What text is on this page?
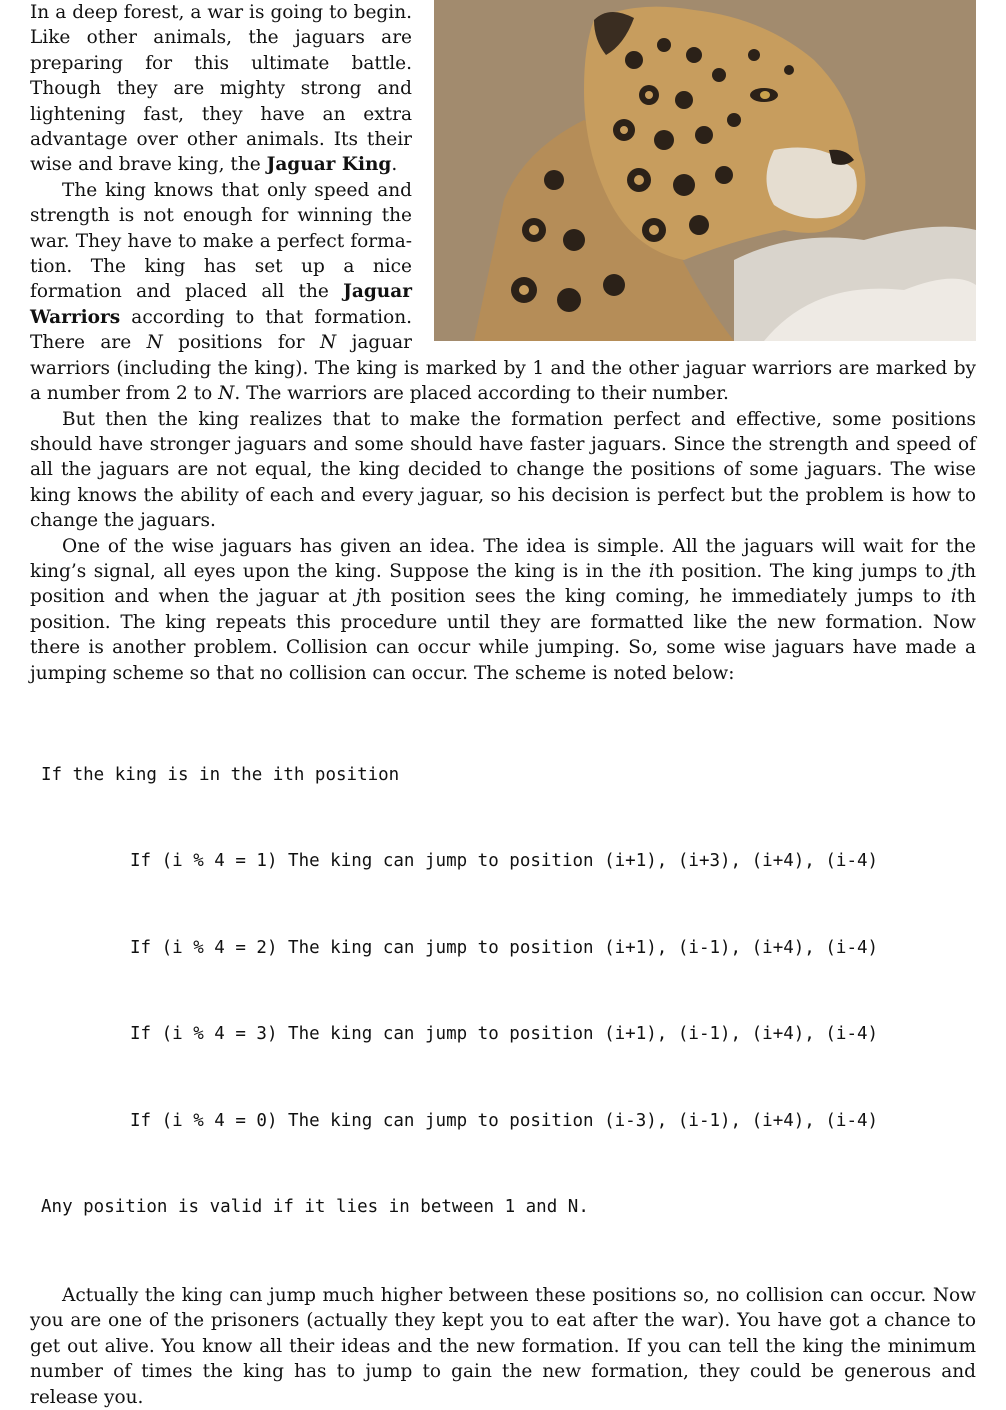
In a deep forest, a war is going to begin. Like other animals, the jaguars are preparing for this ultimate battle. Though they are mighty strong and lightening fast, they have an extra advantage over other animals. Its their wise and brave king, the Jaguar King.

The king knows that only speed and strength is not enough for winning the war. They have to make a perfect formation. The king has set up a nice formation and placed all the Jaguar Warriors according to that formation. There are N positions for N jaguar warriors (including the king). The king is marked by 1 and the other jaguar warriors are marked by a number from 2 to N. The warriors are placed according to their number.

But then the king realizes that to make the formation perfect and effective, some positions should have stronger jaguars and some should have faster jaguars. Since the strength and speed of all the jaguars are not equal, the king decided to change the positions of some jaguars. The wise king knows the ability of each and every jaguar, so his decision is perfect but the problem is how to change the jaguars.

One of the wise jaguars has given an idea. The idea is simple. All the jaguars will wait for the king’s signal, all eyes upon the king. Suppose the king is in the ith position. The king jumps to jth position and when the jaguar at jth position sees the king coming, he immediately jumps to ith position. The king repeats this procedure until they are formatted like the new formation. Now there is another problem. Collision can occur while jumping. So, some wise jaguars have made a jumping scheme so that no collision can occur. The scheme is noted below:

If the king is in the ith position

If (i % 4 = 1) The king can jump to position (i+1), (i+3), (i+4), (i-4)

If (i % 4 = 2) The king can jump to position (i+1), (i-1), (i+4), (i-4)

If (i % 4 = 3) The king can jump to position (i+1), (i-1), (i+4), (i-4)

If (i % 4 = 0) The king can jump to position (i-3), (i-1), (i+4), (i-4)

Any position is valid if it lies in between 1 and N.

Actually the king can jump much higher between these positions so, no collision can occur. Now you are one of the prisoners (actually they kept you to eat after the war). You have got a chance to get out alive. You know all their ideas and the new formation. If you can tell the king the minimum number of times the king has to jump to gain the new formation, they could be generous and release you.
